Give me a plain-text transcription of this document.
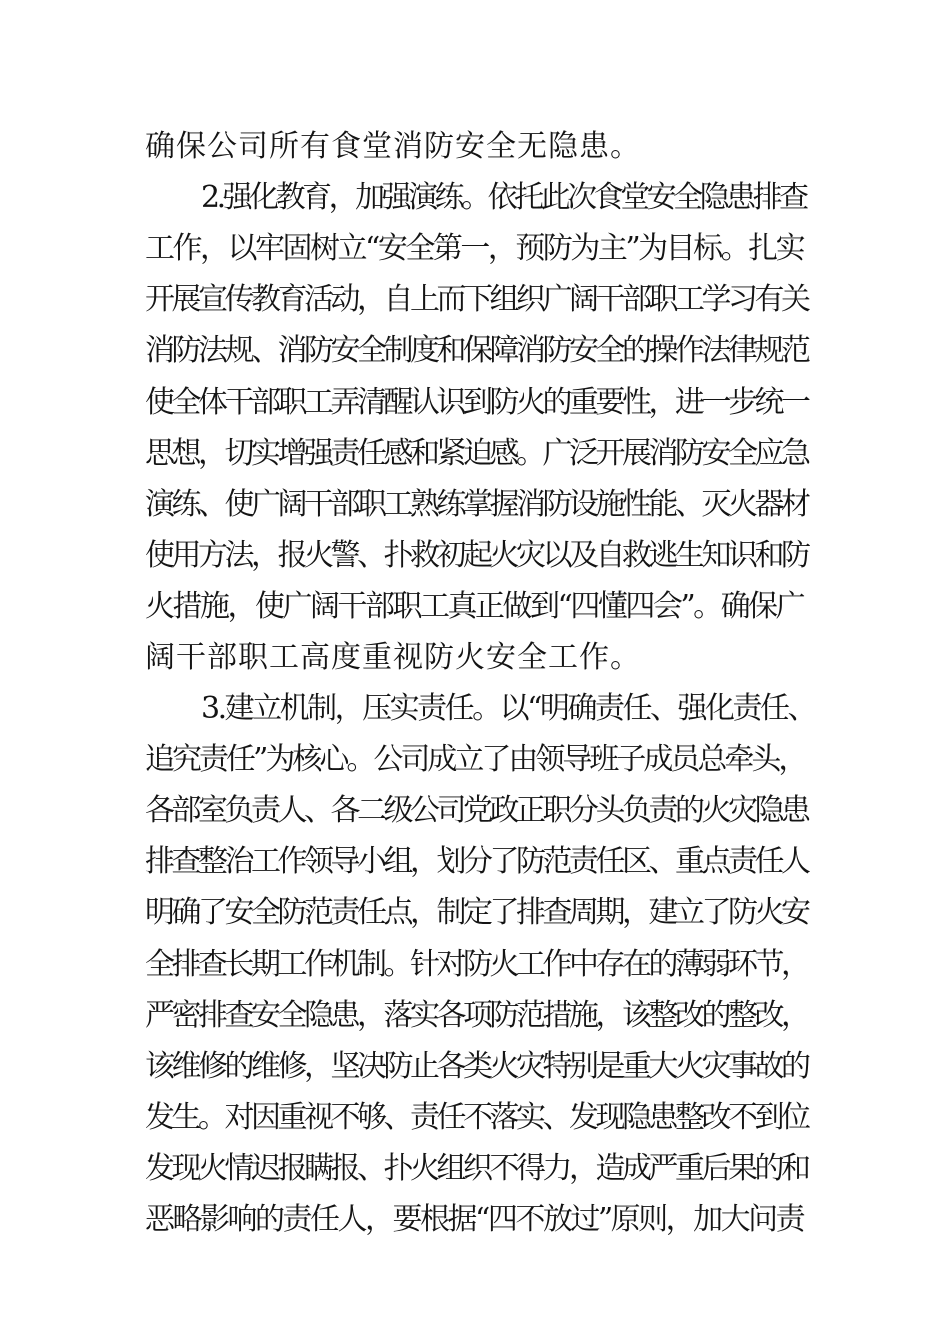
确保公司所有食堂消防安全无隐患。
2.强化教育，加强演练。依托此次食堂安全隐患排查
工作，以牢固树立“安全第一，预防为主”为目标。扎实
开展宣传教育活动，自上而下组织广阔干部职工学习有关
消防法规、消防安全制度和保障消防安全的操作法律规范
使全体干部职工弄清醒认识到防火的重要性，进一步统一
思想，切实增强责任感和紧迫感。广泛开展消防安全应急
演练、使广阔干部职工熟练掌握消防设施性能、灭火器材
使用方法，报火警、扑救初起火灾以及自救逃生知识和防
火措施，使广阔干部职工真正做到“四懂四会”。确保广
阔干部职工高度重视防火安全工作。
3.建立机制，压实责任。以“明确责任、强化责任、
追究责任”为核心。公司成立了由领导班子成员总牵头，
各部室负责人、各二级公司党政正职分头负责的火灾隐患
排查整治工作领导小组，划分了防范责任区、重点责任人
明确了安全防范责任点，制定了排查周期，建立了防火安
全排查长期工作机制。针对防火工作中存在的薄弱环节，
严密排查安全隐患，落实各项防范措施，该整改的整改，
该维修的维修，坚决防止各类火灾特别是重大火灾事故的
发生。对因重视不够、责任不落实、发现隐患整改不到位
发现火情迟报瞒报、扑火组织不得力，造成严重后果的和
恶略影响的责任人，要根据“四不放过”原则，加大问责
